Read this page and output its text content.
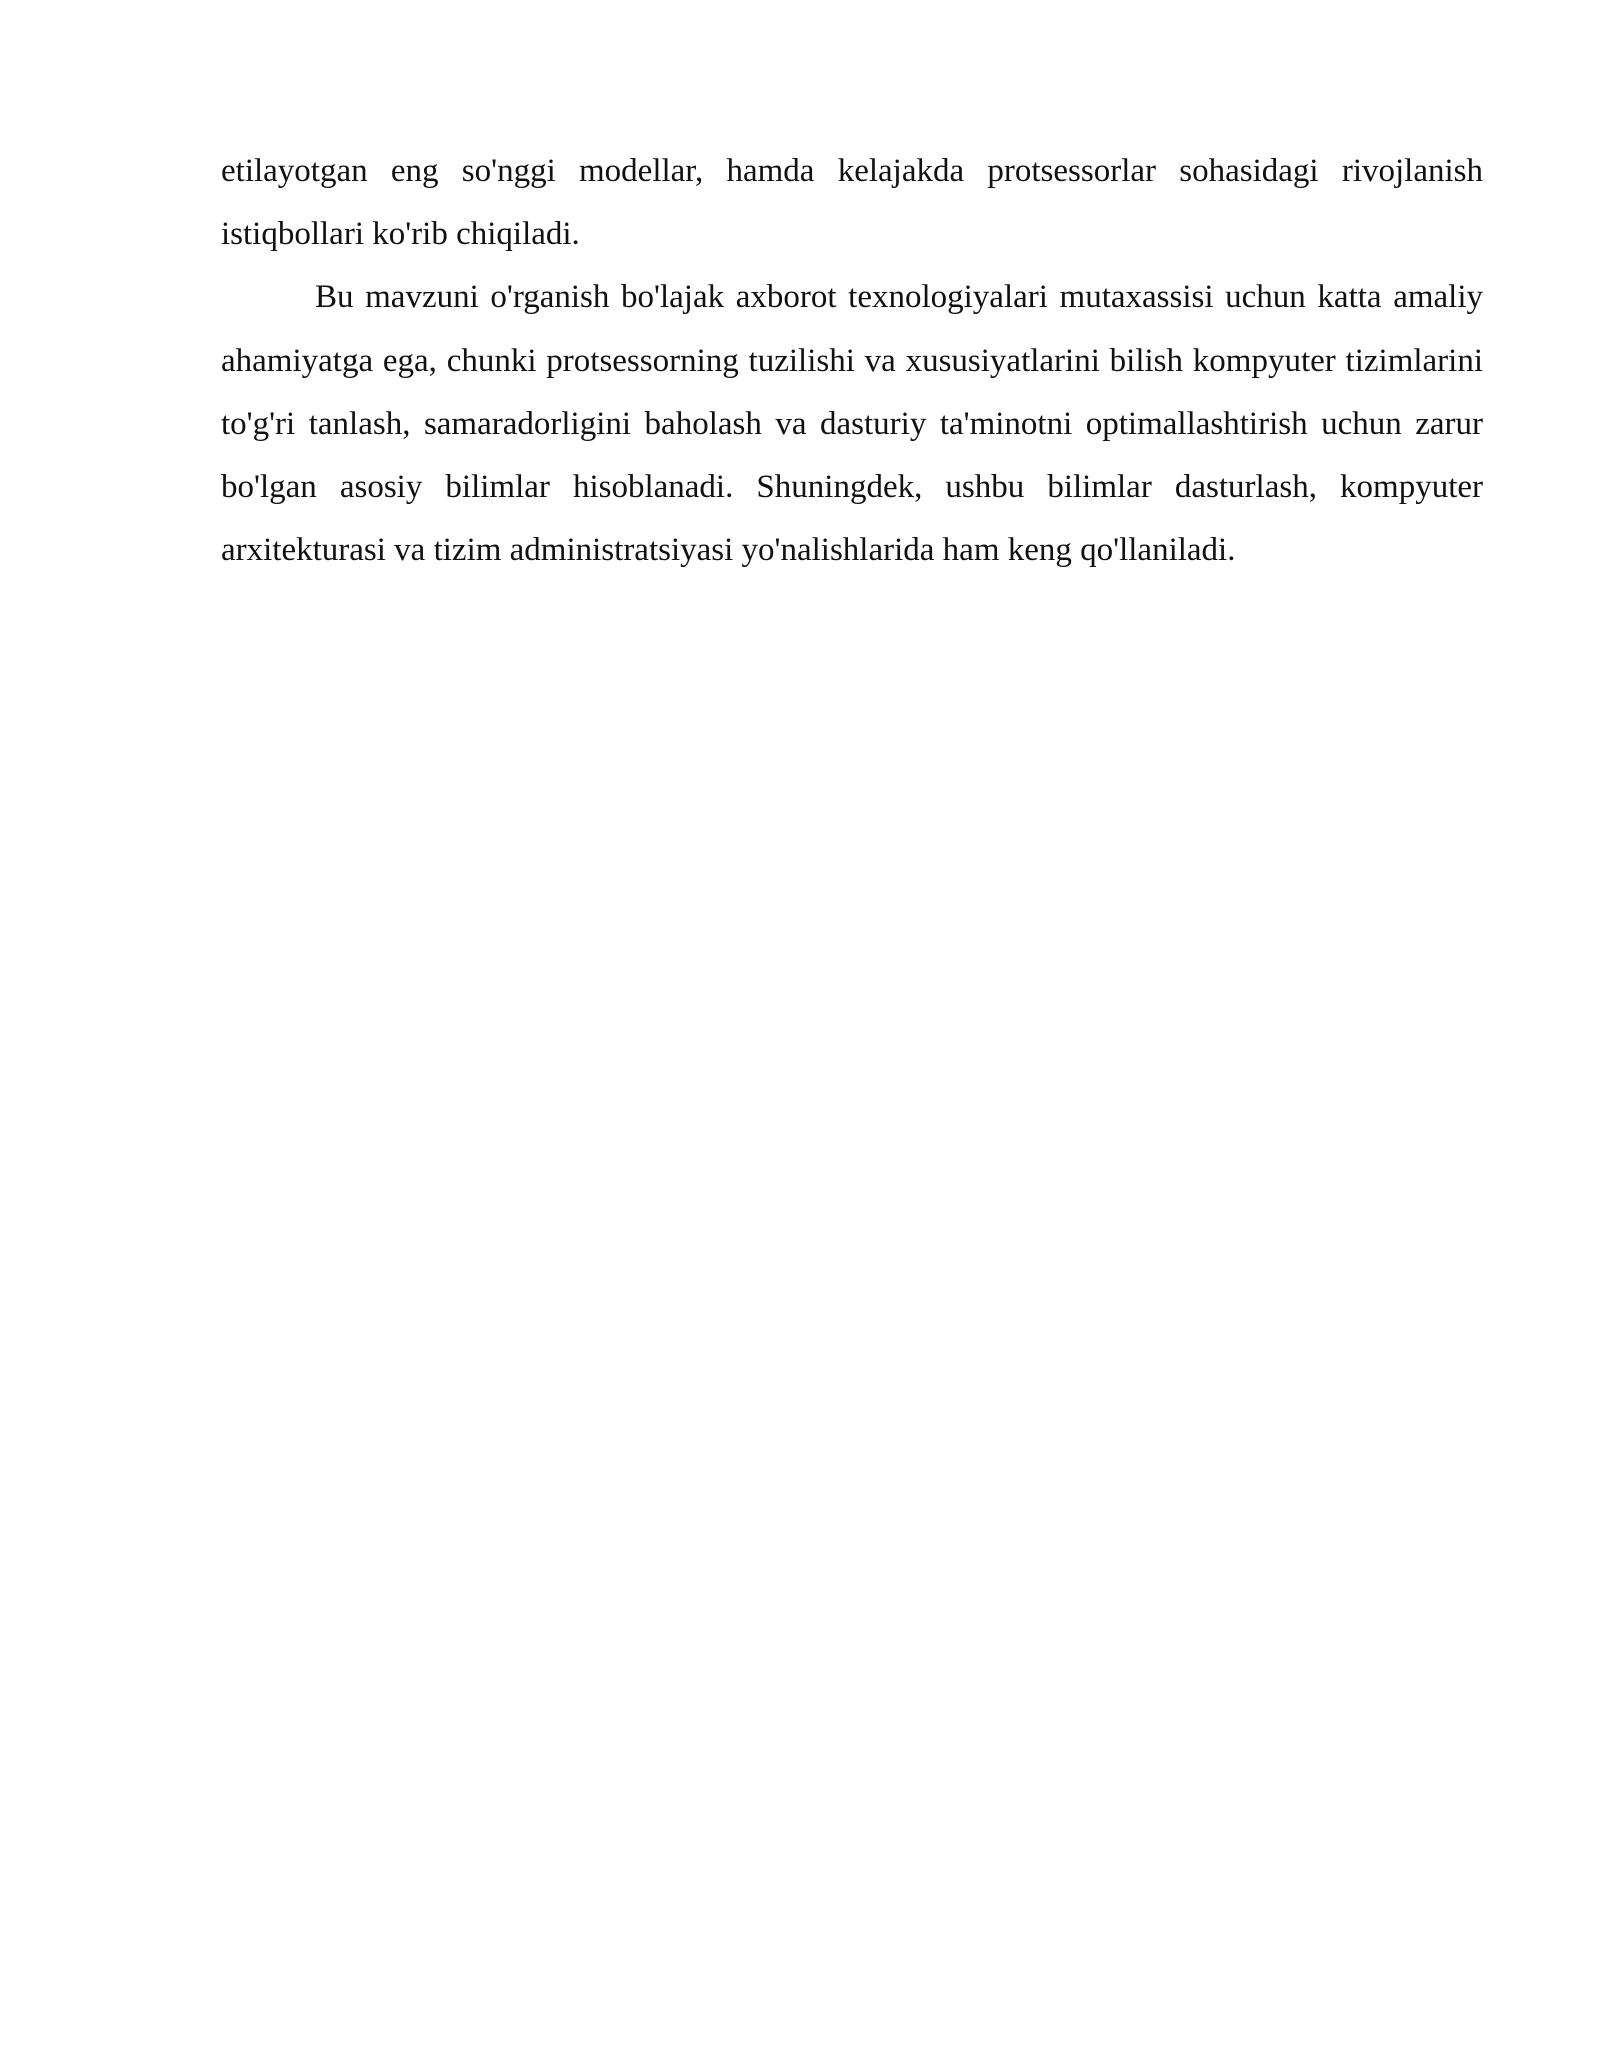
etilayotgan eng so'nggi modellar, hamda kelajakda protsessorlar sohasidagi rivojlanish istiqbollari ko'rib chiqiladi.

Bu mavzuni o'rganish bo'lajak axborot texnologiyalari mutaxassisi uchun katta amaliy ahamiyatga ega, chunki protsessorning tuzilishi va xususiyatlarini bilish kompyuter tizimlarini to'g'ri tanlash, samaradorligini baholash va dasturiy ta'minotni optimallashtirish uchun zarur bo'lgan asosiy bilimlar hisoblanadi. Shuningdek, ushbu bilimlar dasturlash, kompyuter arxitekturasi va tizim administratsiyasi yo'nalishlarida ham keng qo'llaniladi.
